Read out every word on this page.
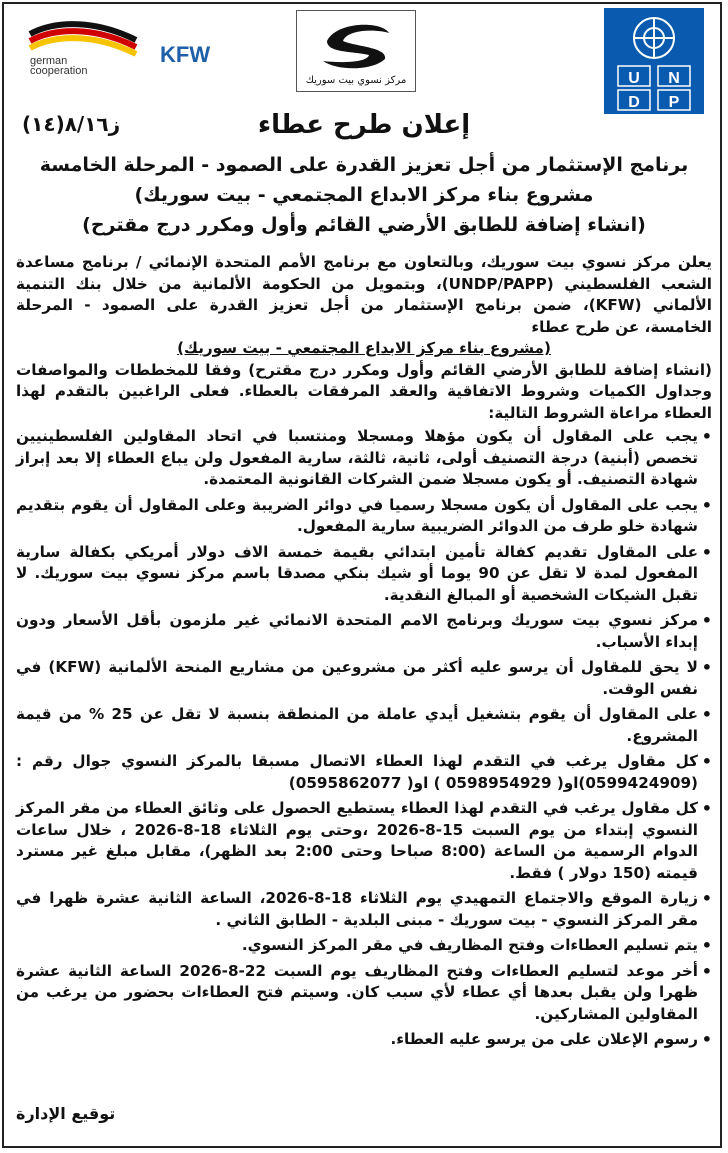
german
cooperation
KFW
مركز نسوي بيت سوريك	U N
D P
إعلان طرح عطاء
ز٨/١٦(١٤)
برنامج الإستثمار من أجل تعزيز القدرة على الصمود - المرحلة الخامسة
مشروع بناء مركز الابداع المجتمعي - بيت سوريك)
(انشاء إضافة للطابق الأرضي القائم وأول ومكرر درج مقترح)

يعلن مركز نسوي بيت سوريك، وبالتعاون مع برنامج الأمم المتحدة الإنمائي / برنامج مساعدة الشعب الفلسطيني (UNDP/PAPP)، وبتمويل من الحكومة الألمانية من خلال بنك التنمية الألماني (KFW)، ضمن برنامج الإستثمار من أجل تعزيز القدرة على الصمود - المرحلة الخامسة، عن طرح عطاء

(مشروع بناء مركز الابداع المجتمعي - بيت سوريك)

(انشاء إضافة للطابق الأرضي القائم وأول ومكرر درج مقترح) وفقا للمخططات والمواصفات وجداول الكميات وشروط الاتفاقية والعقد المرفقات بالعطاء. فعلى الراغبين بالتقدم لهذا العطاء مراعاة الشروط التالية:

• يجب على المقاول أن يكون مؤهلا ومسجلا ومنتسبا في اتحاد المقاولين الفلسطينيين تخصص (أبنية) درجة التصنيف أولى، ثانية، ثالثة، سارية المفعول ولن يباع العطاء إلا بعد إبراز شهادة التصنيف. أو يكون مسجلا ضمن الشركات القانونية المعتمدة.
• يجب على المقاول أن يكون مسجلا رسميا في دوائر الضريبة وعلى المقاول أن يقوم بتقديم شهادة خلو طرف من الدوائر الضريبية سارية المفعول.
• على المقاول تقديم كفالة تأمين ابتدائي بقيمة خمسة الاف دولار أمريكي بكفالة سارية المفعول لمدة لا تقل عن 90 يوما أو شيك بنكي مصدقا باسم مركز نسوي بيت سوريك. لا تقبل الشيكات الشخصية أو المبالغ النقدية.
• مركز نسوي بيت سوريك وبرنامج الامم المتحدة الانمائي غير ملزمون بأقل الأسعار ودون إبداء الأسباب.
• لا يحق للمقاول أن يرسو عليه أكثر من مشروعين من مشاريع المنحة الألمانية (KFW) في نفس الوقت.
• على المقاول أن يقوم بتشغيل أيدي عاملة من المنطقة بنسبة لا تقل عن 25 % من قيمة المشروع.
• كل مقاول يرغب في التقدم لهذا العطاء الاتصال مسبقا بالمركز النسوي جوال رقم : (0599424909)او( 0598954929 ) او( 0595862077)
• كل مقاول يرغب في التقدم لهذا العطاء يستطيع الحصول على وثائق العطاء من مقر المركز النسوي إبتداء من يوم السبت 15-8-2026 ،وحتى يوم الثلاثاء 18-8-2026 ، خلال ساعات الدوام الرسمية من الساعة (8:00 صباحا وحتى 2:00 بعد الظهر)، مقابل مبلغ غير مسترد قيمته (150 دولار ) فقط.
• زيارة الموقع والاجتماع التمهيدي يوم الثلاثاء 18-8-2026، الساعة الثانية عشرة ظهرا في مقر المركز النسوي - بيت سوريك - مبنى البلدية - الطابق الثاني .
• يتم تسليم العطاءات وفتح المظاريف في مقر المركز النسوي.
• أخر موعد لتسليم العطاءات وفتح المظاريف يوم السبت 22-8-2026 الساعة الثانية عشرة ظهرا ولن يقبل بعدها أي عطاء لأي سبب كان. وسيتم فتح العطاءات بحضور من يرغب من المقاولين المشاركين.
• رسوم الإعلان على من يرسو عليه العطاء.
توقيع الإدارة
